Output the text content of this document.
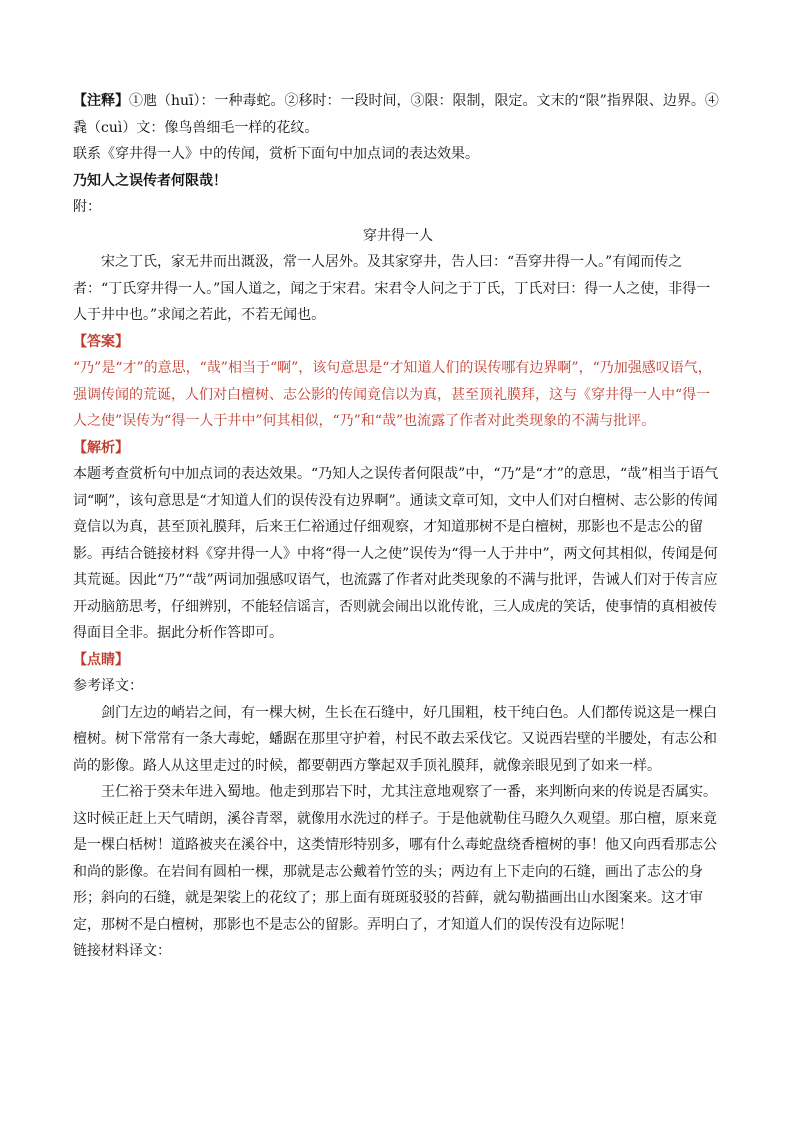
【注释】①虺（huī）：一种毒蛇。②移时：一段时间，③限：限制，限定。文末的“限”指界限、边界。④毳（cuì）文：像鸟兽细毛一样的花纹。

联系《穿井得一人》中的传闻，赏析下面句中加点词的表达效果。

乃知人之误传者何限哉！

附：

穿井得一人

宋之丁氏，家无井而出溉汲，常一人居外。及其家穿井，告人曰：“吾穿井得一人。”有闻而传之者：“丁氏穿井得一人。”国人道之，闻之于宋君。宋君令人问之于丁氏，丁氏对曰：得一人之使，非得一人于井中也。”求闻之若此，不若无闻也。

【答案】

“乃”是“才”的意思，“哉”相当于“啊”，该句意思是“才知道人们的误传哪有边界啊”，“乃加强感叹语气，强调传闻的荒诞，人们对白檀树、志公影的传闻竟信以为真，甚至顶礼膜拜，这与《穿井得一人中“得一人之使”误传为“得一人于井中”何其相似，“乃”和“哉”也流露了作者对此类现象的不满与批评。

【解析】

本题考查赏析句中加点词的表达效果。“乃知人之误传者何限哉”中，“乃”是“才”的意思，“哉”相当于语气词“啊”，该句意思是“才知道人们的误传没有边界啊”。通读文章可知，文中人们对白檀树、志公影的传闻竟信以为真，甚至顶礼膜拜，后来王仁裕通过仔细观察，才知道那树不是白檀树，那影也不是志公的留影。再结合链接材料《穿井得一人》中将“得一人之使”误传为“得一人于井中”，两文何其相似，传闻是何其荒诞。因此“乃”“哉”两词加强感叹语气，也流露了作者对此类现象的不满与批评，告诫人们对于传言应开动脑筋思考，仔细辨别，不能轻信谣言，否则就会闹出以讹传讹，三人成虎的笑话，使事情的真相被传得面目全非。据此分析作答即可。

【点睛】

参考译文：

剑门左边的峭岩之间，有一棵大树，生长在石缝中，好几围粗，枝干纯白色。人们都传说这是一棵白檀树。树下常常有一条大毒蛇，蟠踞在那里守护着，村民不敢去采伐它。又说西岩壁的半腰处，有志公和尚的影像。路人从这里走过的时候，都要朝西方擎起双手顶礼膜拜，就像亲眼见到了如来一样。

王仁裕于癸未年进入蜀地。他走到那岩下时，尤其注意地观察了一番，来判断向来的传说是否属实。这时候正赶上天气晴朗，溪谷青翠，就像用水洗过的样子。于是他就勒住马瞪久久观望。那白檀，原来竟是一棵白栝树！道路被夹在溪谷中，这类情形特别多，哪有什么毒蛇盘绕香檀树的事！他又向西看那志公和尚的影像。在岩间有圆柏一棵，那就是志公戴着竹笠的头；两边有上下走向的石缝，画出了志公的身形；斜向的石缝，就是架裟上的花纹了；那上面有斑斑驳驳的苔藓，就勾勒描画出山水图案来。这才审定，那树不是白檀树，那影也不是志公的留影。弄明白了，才知道人们的误传没有边际呢！

链接材料译文：
